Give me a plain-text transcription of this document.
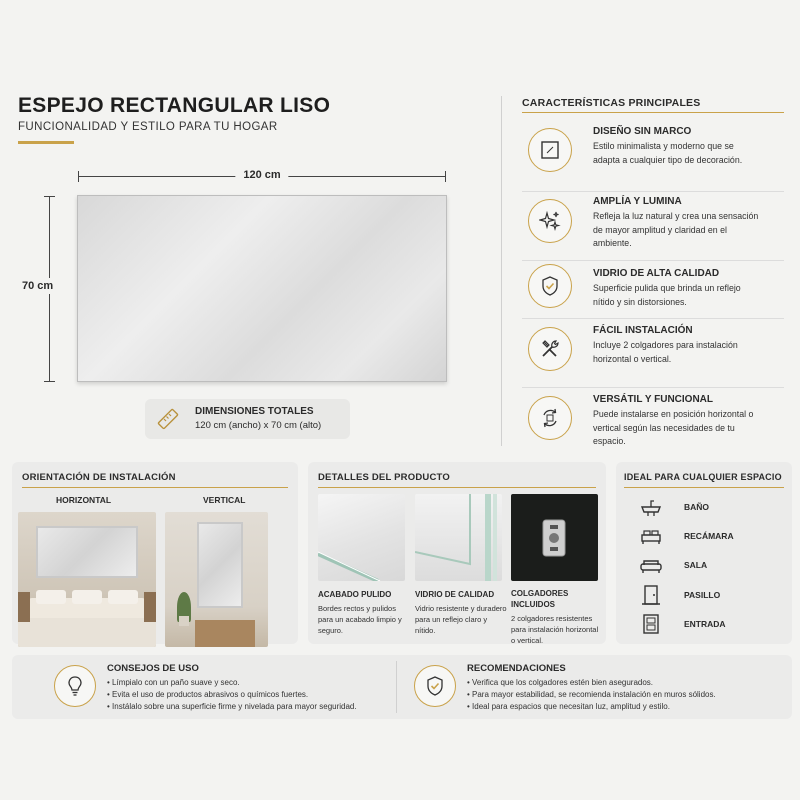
ESPEJO RECTANGULAR LISO
FUNCIONALIDAD Y ESTILO PARA TU HOGAR
120 cm
70 cm
DIMENSIONES TOTALES
120 cm (ancho) x 70 cm (alto)
CARACTERÍSTICAS PRINCIPALES
DISEÑO SIN MARCO
Estilo minimalista y moderno que se adapta a cualquier tipo de decoración.
AMPLÍA Y LUMINA
Refleja la luz natural y crea una sensación de mayor amplitud y claridad en el ambiente.
VIDRIO DE ALTA CALIDAD
Superficie pulida que brinda un reflejo nítido y sin distorsiones.
FÁCIL INSTALACIÓN
Incluye 2 colgadores para instalación horizontal o vertical.
VERSÁTIL Y FUNCIONAL
Puede instalarse en posición horizontal o vertical según las necesidades de tu espacio.
ORIENTACIÓN DE INSTALACIÓN
HORIZONTAL	VERTICAL
DETALLES DEL PRODUCTO
ACABADO PULIDO
Bordes rectos y pulidos para un acabado limpio y seguro.
VIDRIO DE CALIDAD
Vidrio resistente y duradero para un reflejo claro y nítido.
COLGADORES INCLUIDOS
2 colgadores resistentes para instalación horizontal o vertical.
IDEAL PARA CUALQUIER ESPACIO
BAÑO
RECÁMARA
SALA
PASILLO
ENTRADA
CONSEJOS DE USO
• Límpialo con un paño suave y seco.
• Evita el uso de productos abrasivos o químicos fuertes.
• Instálalo sobre una superficie firme y nivelada para mayor seguridad.
RECOMENDACIONES
• Verifica que los colgadores estén bien asegurados.
• Para mayor estabilidad, se recomienda instalación en muros sólidos.
• Ideal para espacios que necesitan luz, amplitud y estilo.
